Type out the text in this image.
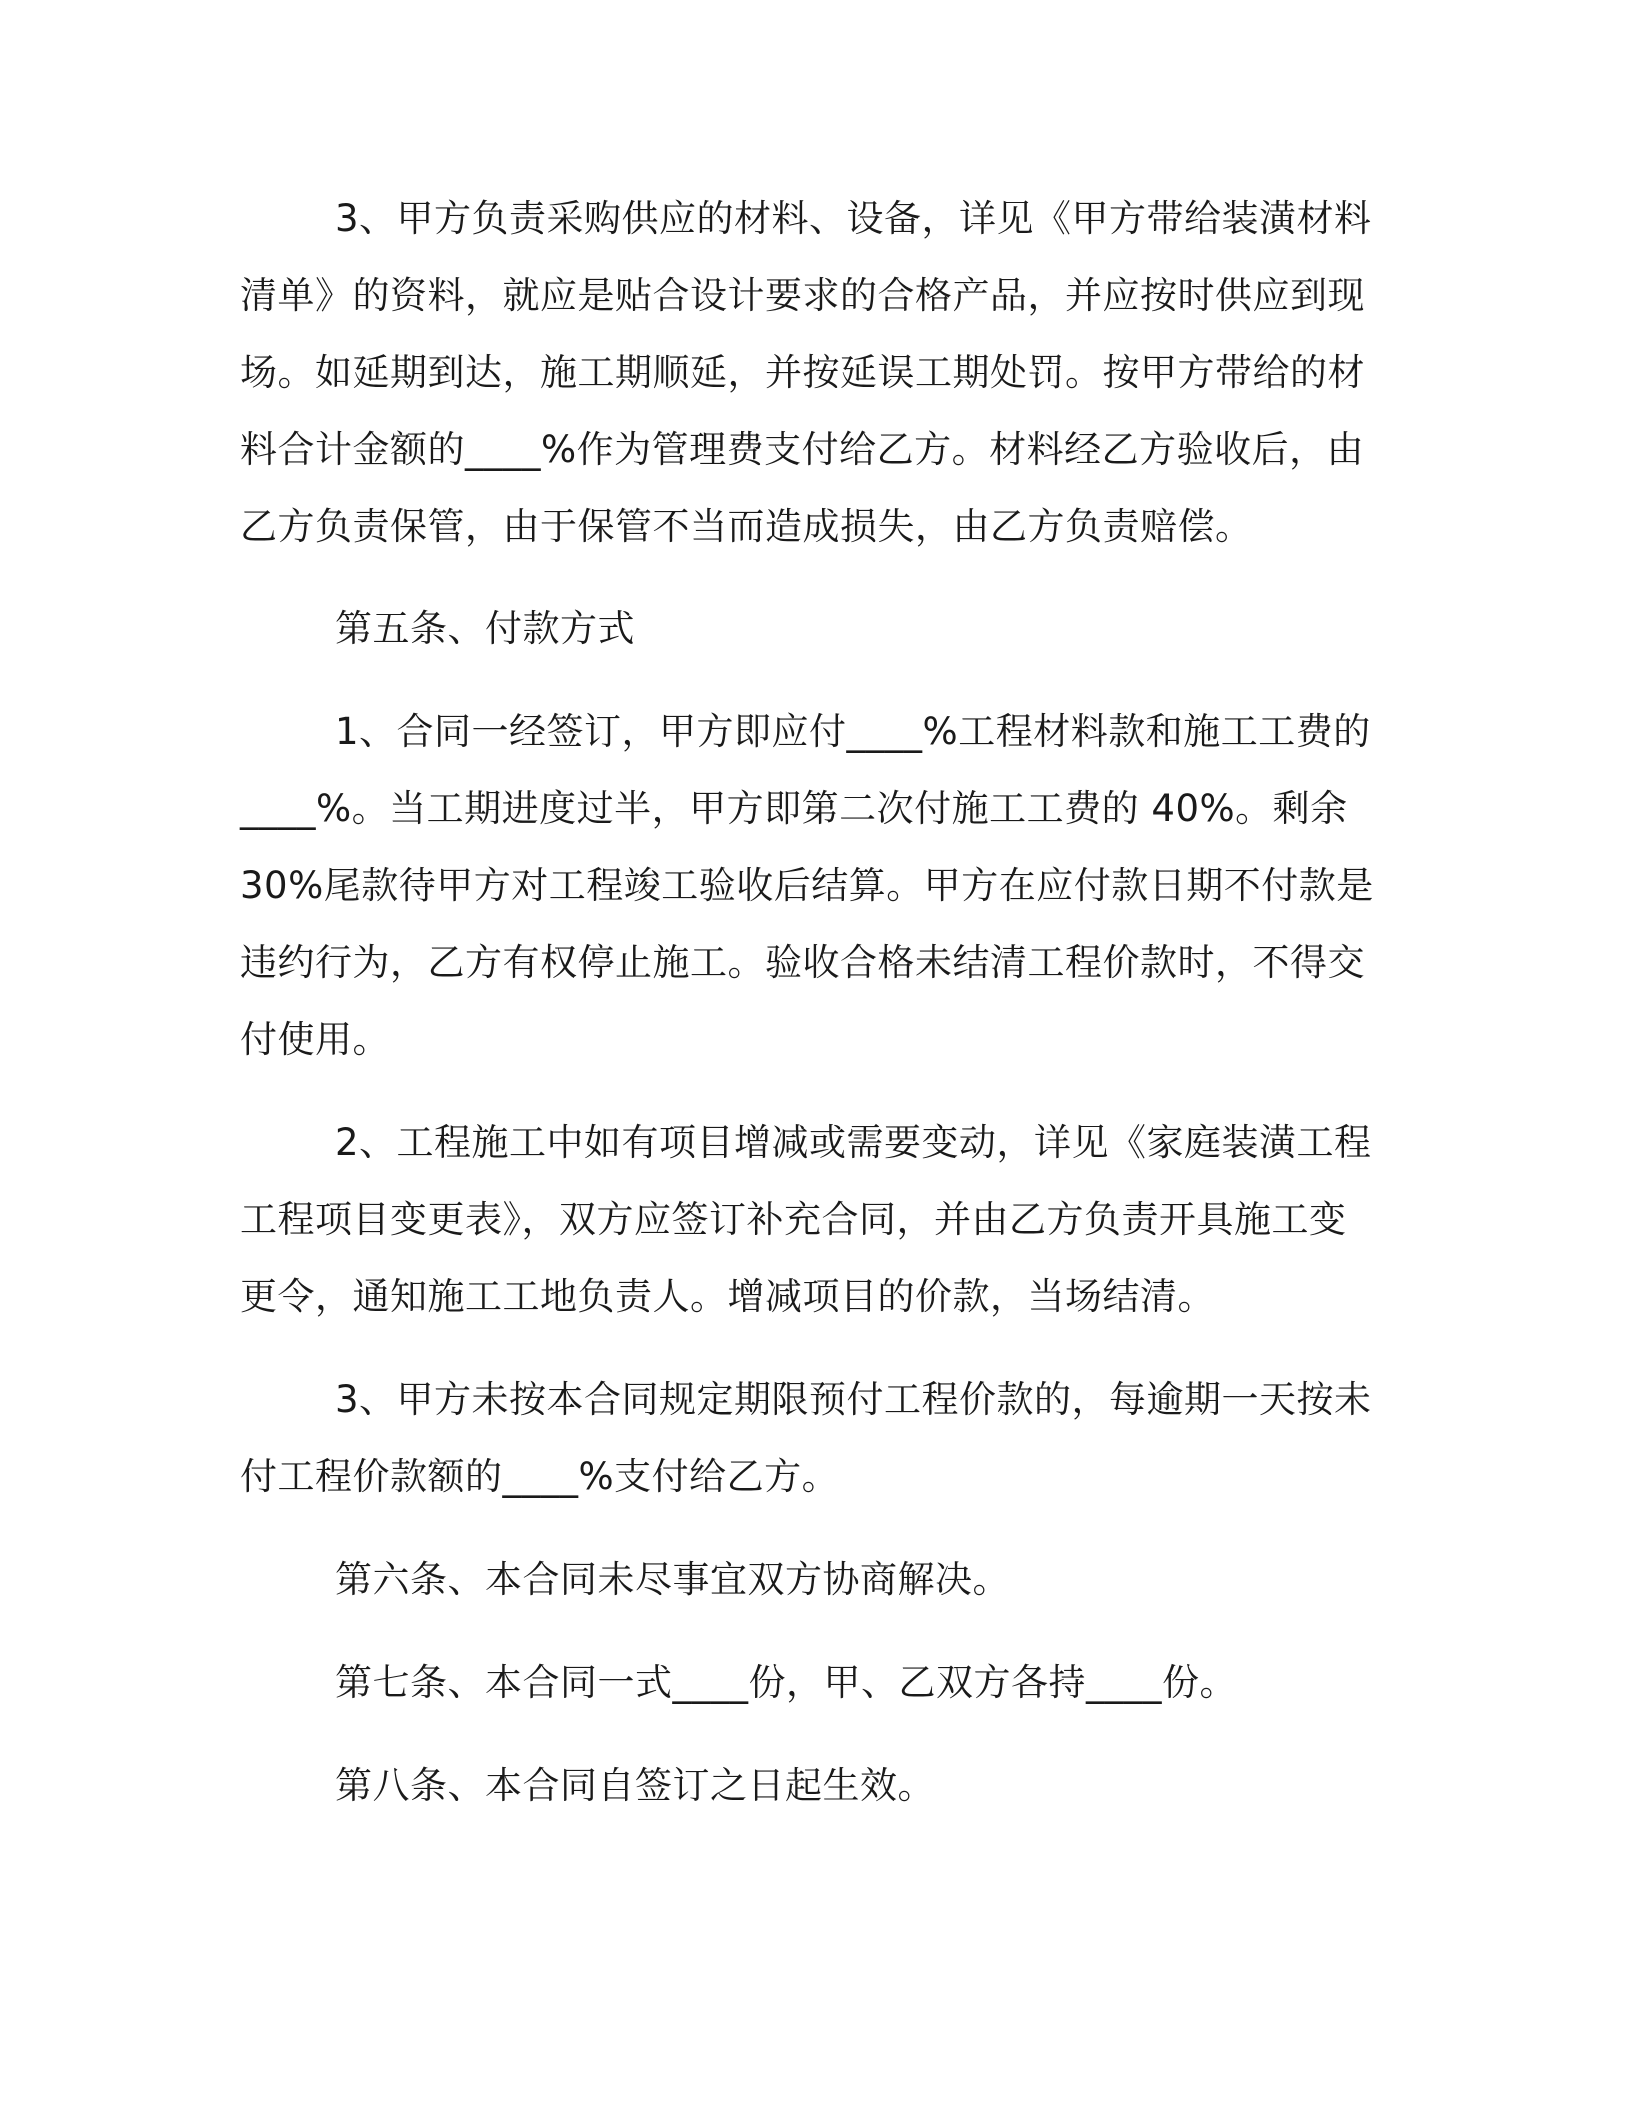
3、甲方负责采购供应的材料、设备，详见《甲方带给装潢材料
清单》的资料，就应是贴合设计要求的合格产品，并应按时供应到现
场。如延期到达，施工期顺延，并按延误工期处罚。按甲方带给的材
料合计金额的____%作为管理费支付给乙方。材料经乙方验收后，由
乙方负责保管，由于保管不当而造成损失，由乙方负责赔偿。
第五条、付款方式
1、合同一经签订，甲方即应付____%工程材料款和施工工费的
____%。当工期进度过半，甲方即第二次付施工工费的 40%。剩余
30%尾款待甲方对工程竣工验收后结算。甲方在应付款日期不付款是
违约行为，乙方有权停止施工。验收合格未结清工程价款时，不得交
付使用。
2、工程施工中如有项目增减或需要变动，详见《家庭装潢工程
工程项目变更表》，双方应签订补充合同，并由乙方负责开具施工变
更令，通知施工工地负责人。增减项目的价款，当场结清。
3、甲方未按本合同规定期限预付工程价款的，每逾期一天按未
付工程价款额的____%支付给乙方。
第六条、本合同未尽事宜双方协商解决。
第七条、本合同一式____份，甲、乙双方各持____份。
第八条、本合同自签订之日起生效。
